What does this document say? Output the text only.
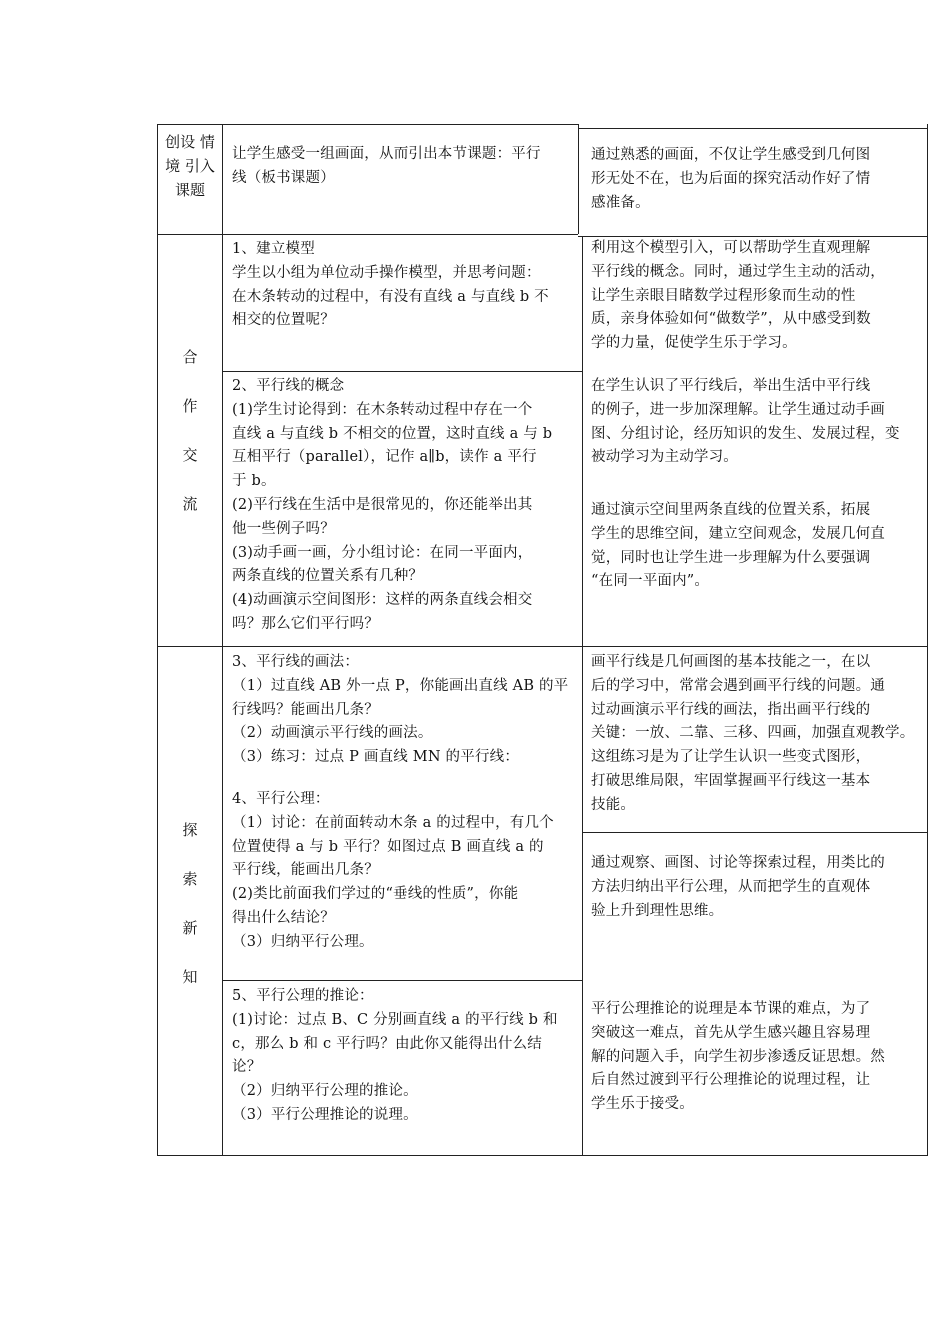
创设 情境 引入 课题
让学生感受一组画面，从而引出本节课题：平行
线（板书课题）
通过熟悉的画面，不仅让学生感受到几何图
形无处不在，也为后面的探究活动作好了情
感准备。
合
作
交
流
1、建立模型
学生以小组为单位动手操作模型，并思考问题：
在木条转动的过程中，有没有直线 a 与直线 b 不
相交的位置呢？
利用这个模型引入，可以帮助学生直观理解
平行线的概念。同时，通过学生主动的活动，
让学生亲眼目睹数学过程形象而生动的性
质，亲身体验如何“做数学”，从中感受到数
学的力量，促使学生乐于学习。
2、平行线的概念
(1)学生讨论得到：在木条转动过程中存在一个
直线 a 与直线 b 不相交的位置，这时直线 a 与 b
互相平行（parallel），记作 a∥b，读作 a 平行
于 b。
(2)平行线在生活中是很常见的，你还能举出其
他一些例子吗？
(3)动手画一画，分小组讨论：在同一平面内，
两条直线的位置关系有几种？
(4)动画演示空间图形：这样的两条直线会相交
吗？那么它们平行吗？
在学生认识了平行线后，举出生活中平行线
的例子，进一步加深理解。让学生通过动手画
图、分组讨论，经历知识的发生、发展过程，变
被动学习为主动学习。
通过演示空间里两条直线的位置关系，拓展
学生的思维空间，建立空间观念，发展几何直
觉，同时也让学生进一步理解为什么要强调
“在同一平面内”。
探
索
新
知
3、平行线的画法：
（1）过直线 AB 外一点 P，你能画出直线 AB 的平
行线吗？能画出几条？
（2）动画演示平行线的画法。
（3）练习：过点 P 画直线 MN 的平行线：
4、平行公理：
（1）讨论：在前面转动木条 a 的过程中，有几个
位置使得 a 与 b 平行？如图过点 B 画直线 a 的
平行线，能画出几条？
(2)类比前面我们学过的“垂线的性质”，你能
得出什么结论？
（3）归纳平行公理。
画平行线是几何画图的基本技能之一，在以
后的学习中，常常会遇到画平行线的问题。通
过动画演示平行线的画法，指出画平行线的
关键：一放、二靠、三移、四画，加强直观教学。
这组练习是为了让学生认识一些变式图形，
打破思维局限，牢固掌握画平行线这一基本
技能。
通过观察、画图、讨论等探索过程，用类比的
方法归纳出平行公理，从而把学生的直观体
验上升到理性思维。
5、平行公理的推论：
(1)讨论：过点 B、C 分别画直线 a 的平行线 b 和
c，那么 b 和 c 平行吗？由此你又能得出什么结
论？
（2）归纳平行公理的推论。
（3）平行公理推论的说理。
平行公理推论的说理是本节课的难点，为了
突破这一难点，首先从学生感兴趣且容易理
解的问题入手，向学生初步渗透反证思想。然
后自然过渡到平行公理推论的说理过程，让
学生乐于接受。
